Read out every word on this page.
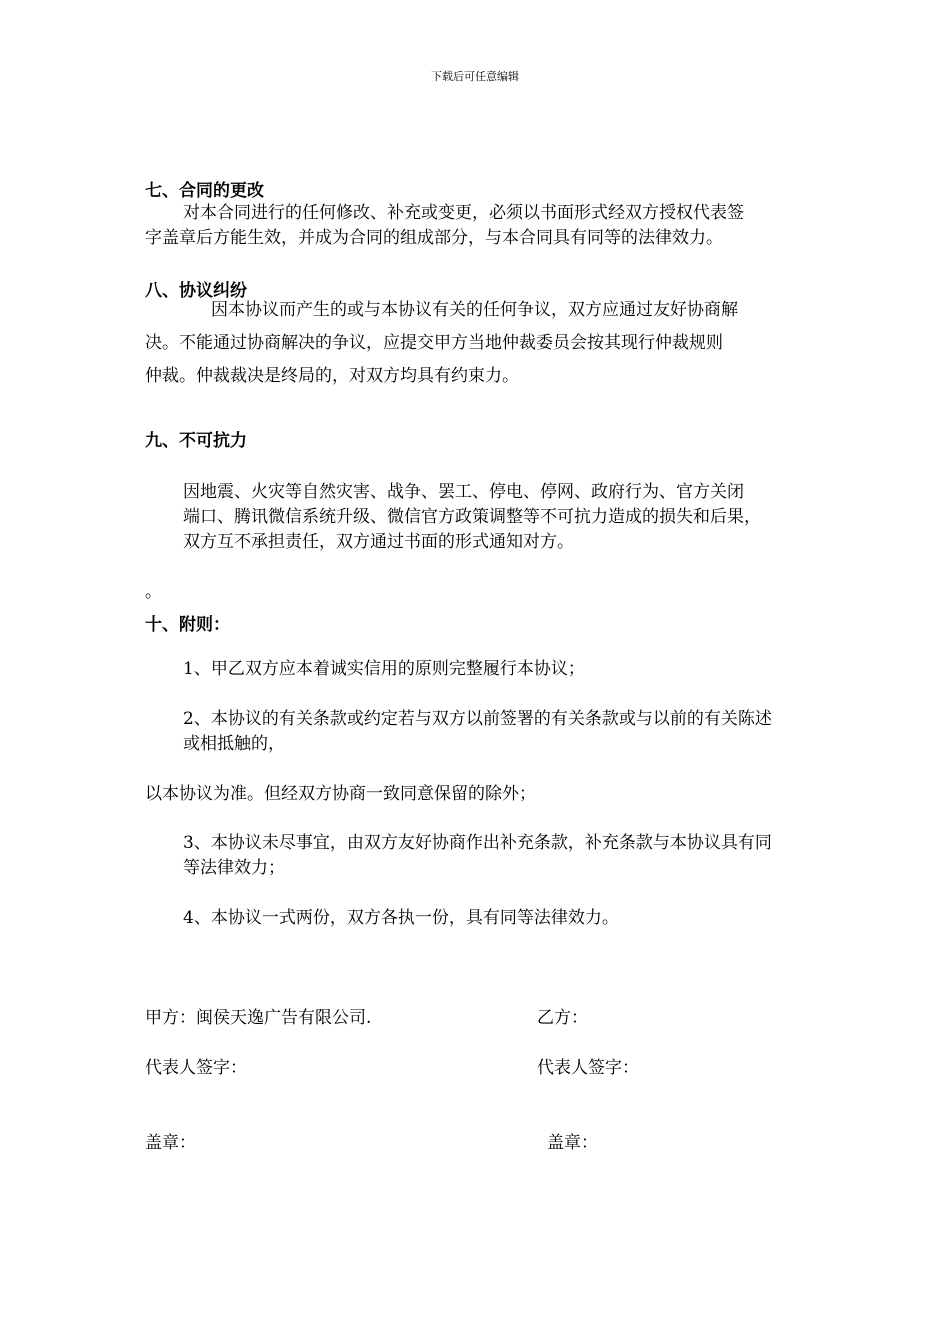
下载后可任意编辑
七、合同的更改
对本合同进行的任何修改、补充或变更，必须以书面形式经双方授权代表签
字盖章后方能生效，并成为合同的组成部分，与本合同具有同等的法律效力。
八、协议纠纷
因本协议而产生的或与本协议有关的任何争议，双方应通过友好协商解
决。不能通过协商解决的争议，应提交甲方当地仲裁委员会按其现行仲裁规则
仲裁。仲裁裁决是终局的，对双方均具有约束力。
九、不可抗力
因地震、火灾等自然灾害、战争、罢工、停电、停网、政府行为、官方关闭
端口、腾讯微信系统升级、微信官方政策调整等不可抗力造成的损失和后果，
双方互不承担责任，双方通过书面的形式通知对方。
。
十、附则：
1、甲乙双方应本着诚实信用的原则完整履行本协议；
2、本协议的有关条款或约定若与双方以前签署的有关条款或与以前的有关陈述
或相抵触的，
以本协议为准。但经双方协商一致同意保留的除外；
3、本协议未尽事宜，由双方友好协商作出补充条款，补充条款与本协议具有同
等法律效力；
4、本协议一式两份，双方各执一份，具有同等法律效力。
甲方：闽侯天逸广告有限公司.	乙方：
代表人签字：	代表人签字：
盖章：	盖章：
